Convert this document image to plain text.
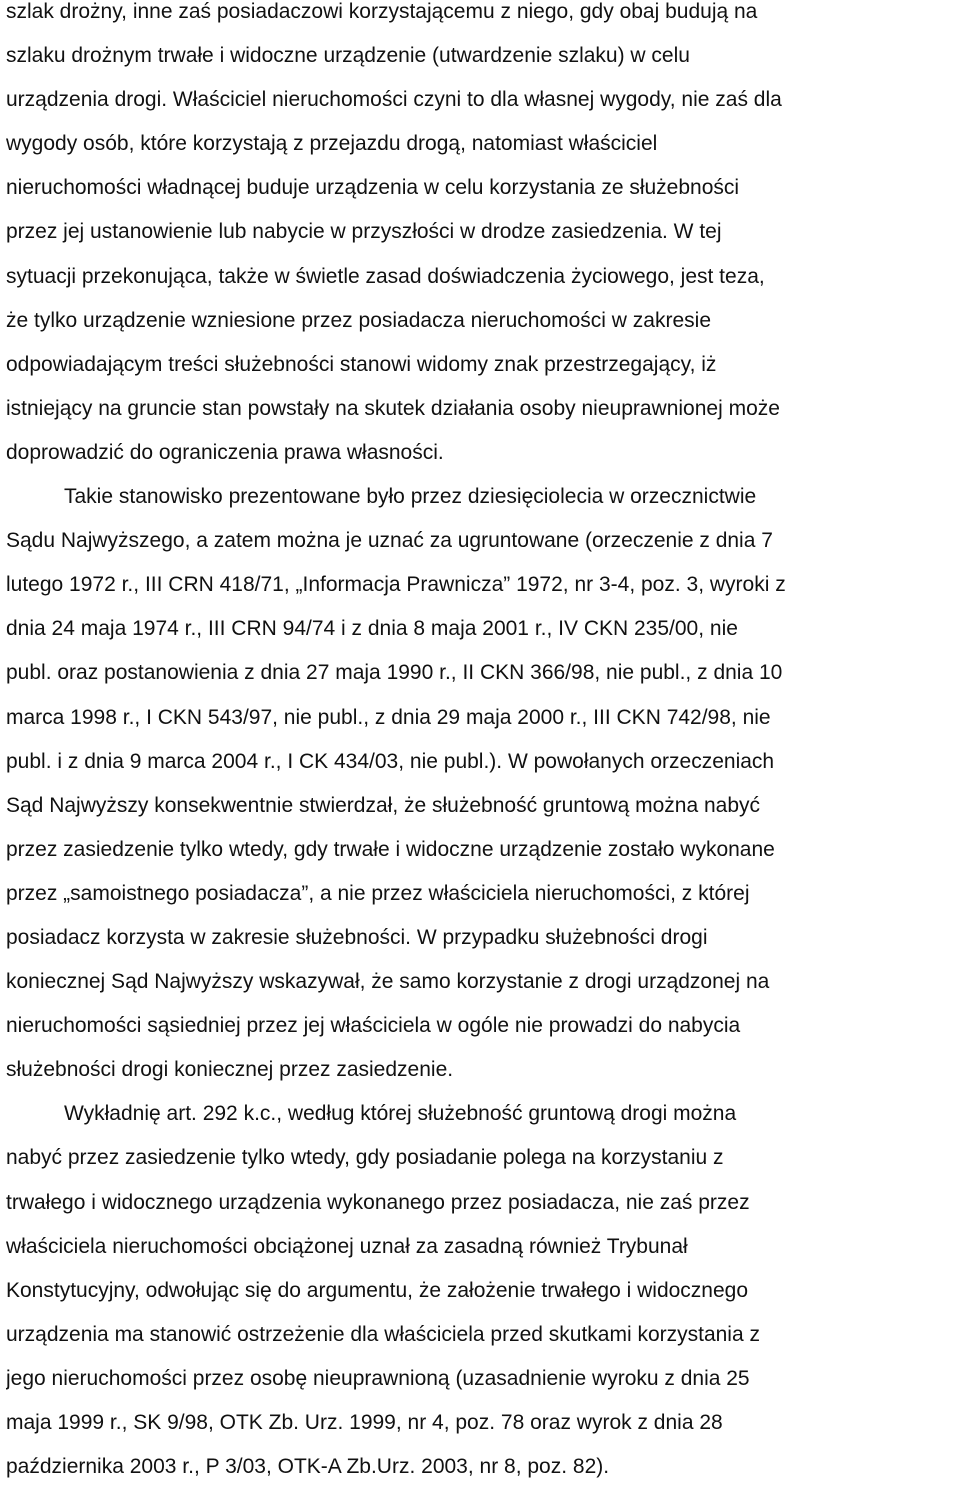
szlak drożny, inne zaś posiadaczowi korzystającemu z niego, gdy obaj budują na
szlaku drożnym trwałe i widoczne urządzenie (utwardzenie szlaku) w celu
urządzenia drogi. Właściciel nieruchomości czyni to dla własnej wygody, nie zaś dla
wygody osób, które korzystają z przejazdu drogą, natomiast właściciel
nieruchomości władnącej buduje urządzenia w celu korzystania ze służebności
przez jej ustanowienie lub nabycie w przyszłości w drodze zasiedzenia. W tej
sytuacji przekonująca, także w świetle zasad doświadczenia życiowego, jest teza,
że tylko urządzenie wzniesione przez posiadacza nieruchomości w zakresie
odpowiadającym treści służebności stanowi widomy znak przestrzegający, iż
istniejący na gruncie stan powstały na skutek działania osoby nieuprawnionej może
doprowadzić do ograniczenia prawa własności.
Takie stanowisko prezentowane było przez dziesięciolecia w orzecznictwie
Sądu Najwyższego, a zatem można je uznać za ugruntowane (orzeczenie z dnia 7
lutego 1972 r., III CRN 418/71, „Informacja Prawnicza” 1972, nr 3-4, poz. 3, wyroki z
dnia 24 maja 1974 r., III CRN 94/74 i z dnia 8 maja 2001 r., IV CKN 235/00, nie
publ. oraz postanowienia z dnia 27 maja 1990 r., II CKN 366/98, nie publ., z dnia 10
marca 1998 r., I CKN 543/97, nie publ., z dnia 29 maja 2000 r., III CKN 742/98, nie
publ. i z dnia 9 marca 2004 r., I CK 434/03, nie publ.). W powołanych orzeczeniach
Sąd Najwyższy konsekwentnie stwierdzał, że służebność gruntową można nabyć
przez zasiedzenie tylko wtedy, gdy trwałe i widoczne urządzenie zostało wykonane
przez „samoistnego posiadacza”, a nie przez właściciela nieruchomości, z której
posiadacz korzysta w zakresie służebności. W przypadku służebności drogi
koniecznej Sąd Najwyższy wskazywał, że samo korzystanie z drogi urządzonej na
nieruchomości sąsiedniej przez jej właściciela w ogóle nie prowadzi do nabycia
służebności drogi koniecznej przez zasiedzenie.
Wykładnię art. 292 k.c., według której służebność gruntową drogi można
nabyć przez zasiedzenie tylko wtedy, gdy posiadanie polega na korzystaniu z
trwałego i widocznego urządzenia wykonanego przez posiadacza, nie zaś przez
właściciela nieruchomości obciążonej uznał za zasadną również Trybunał
Konstytucyjny, odwołując się do argumentu, że założenie trwałego i widocznego
urządzenia ma stanowić ostrzeżenie dla właściciela przed skutkami korzystania z
jego nieruchomości przez osobę nieuprawnioną (uzasadnienie wyroku z dnia 25
maja 1999 r., SK 9/98, OTK Zb. Urz. 1999, nr 4, poz. 78 oraz wyrok z dnia 28
października 2003 r., P 3/03, OTK-A Zb.Urz. 2003, nr 8, poz. 82).
